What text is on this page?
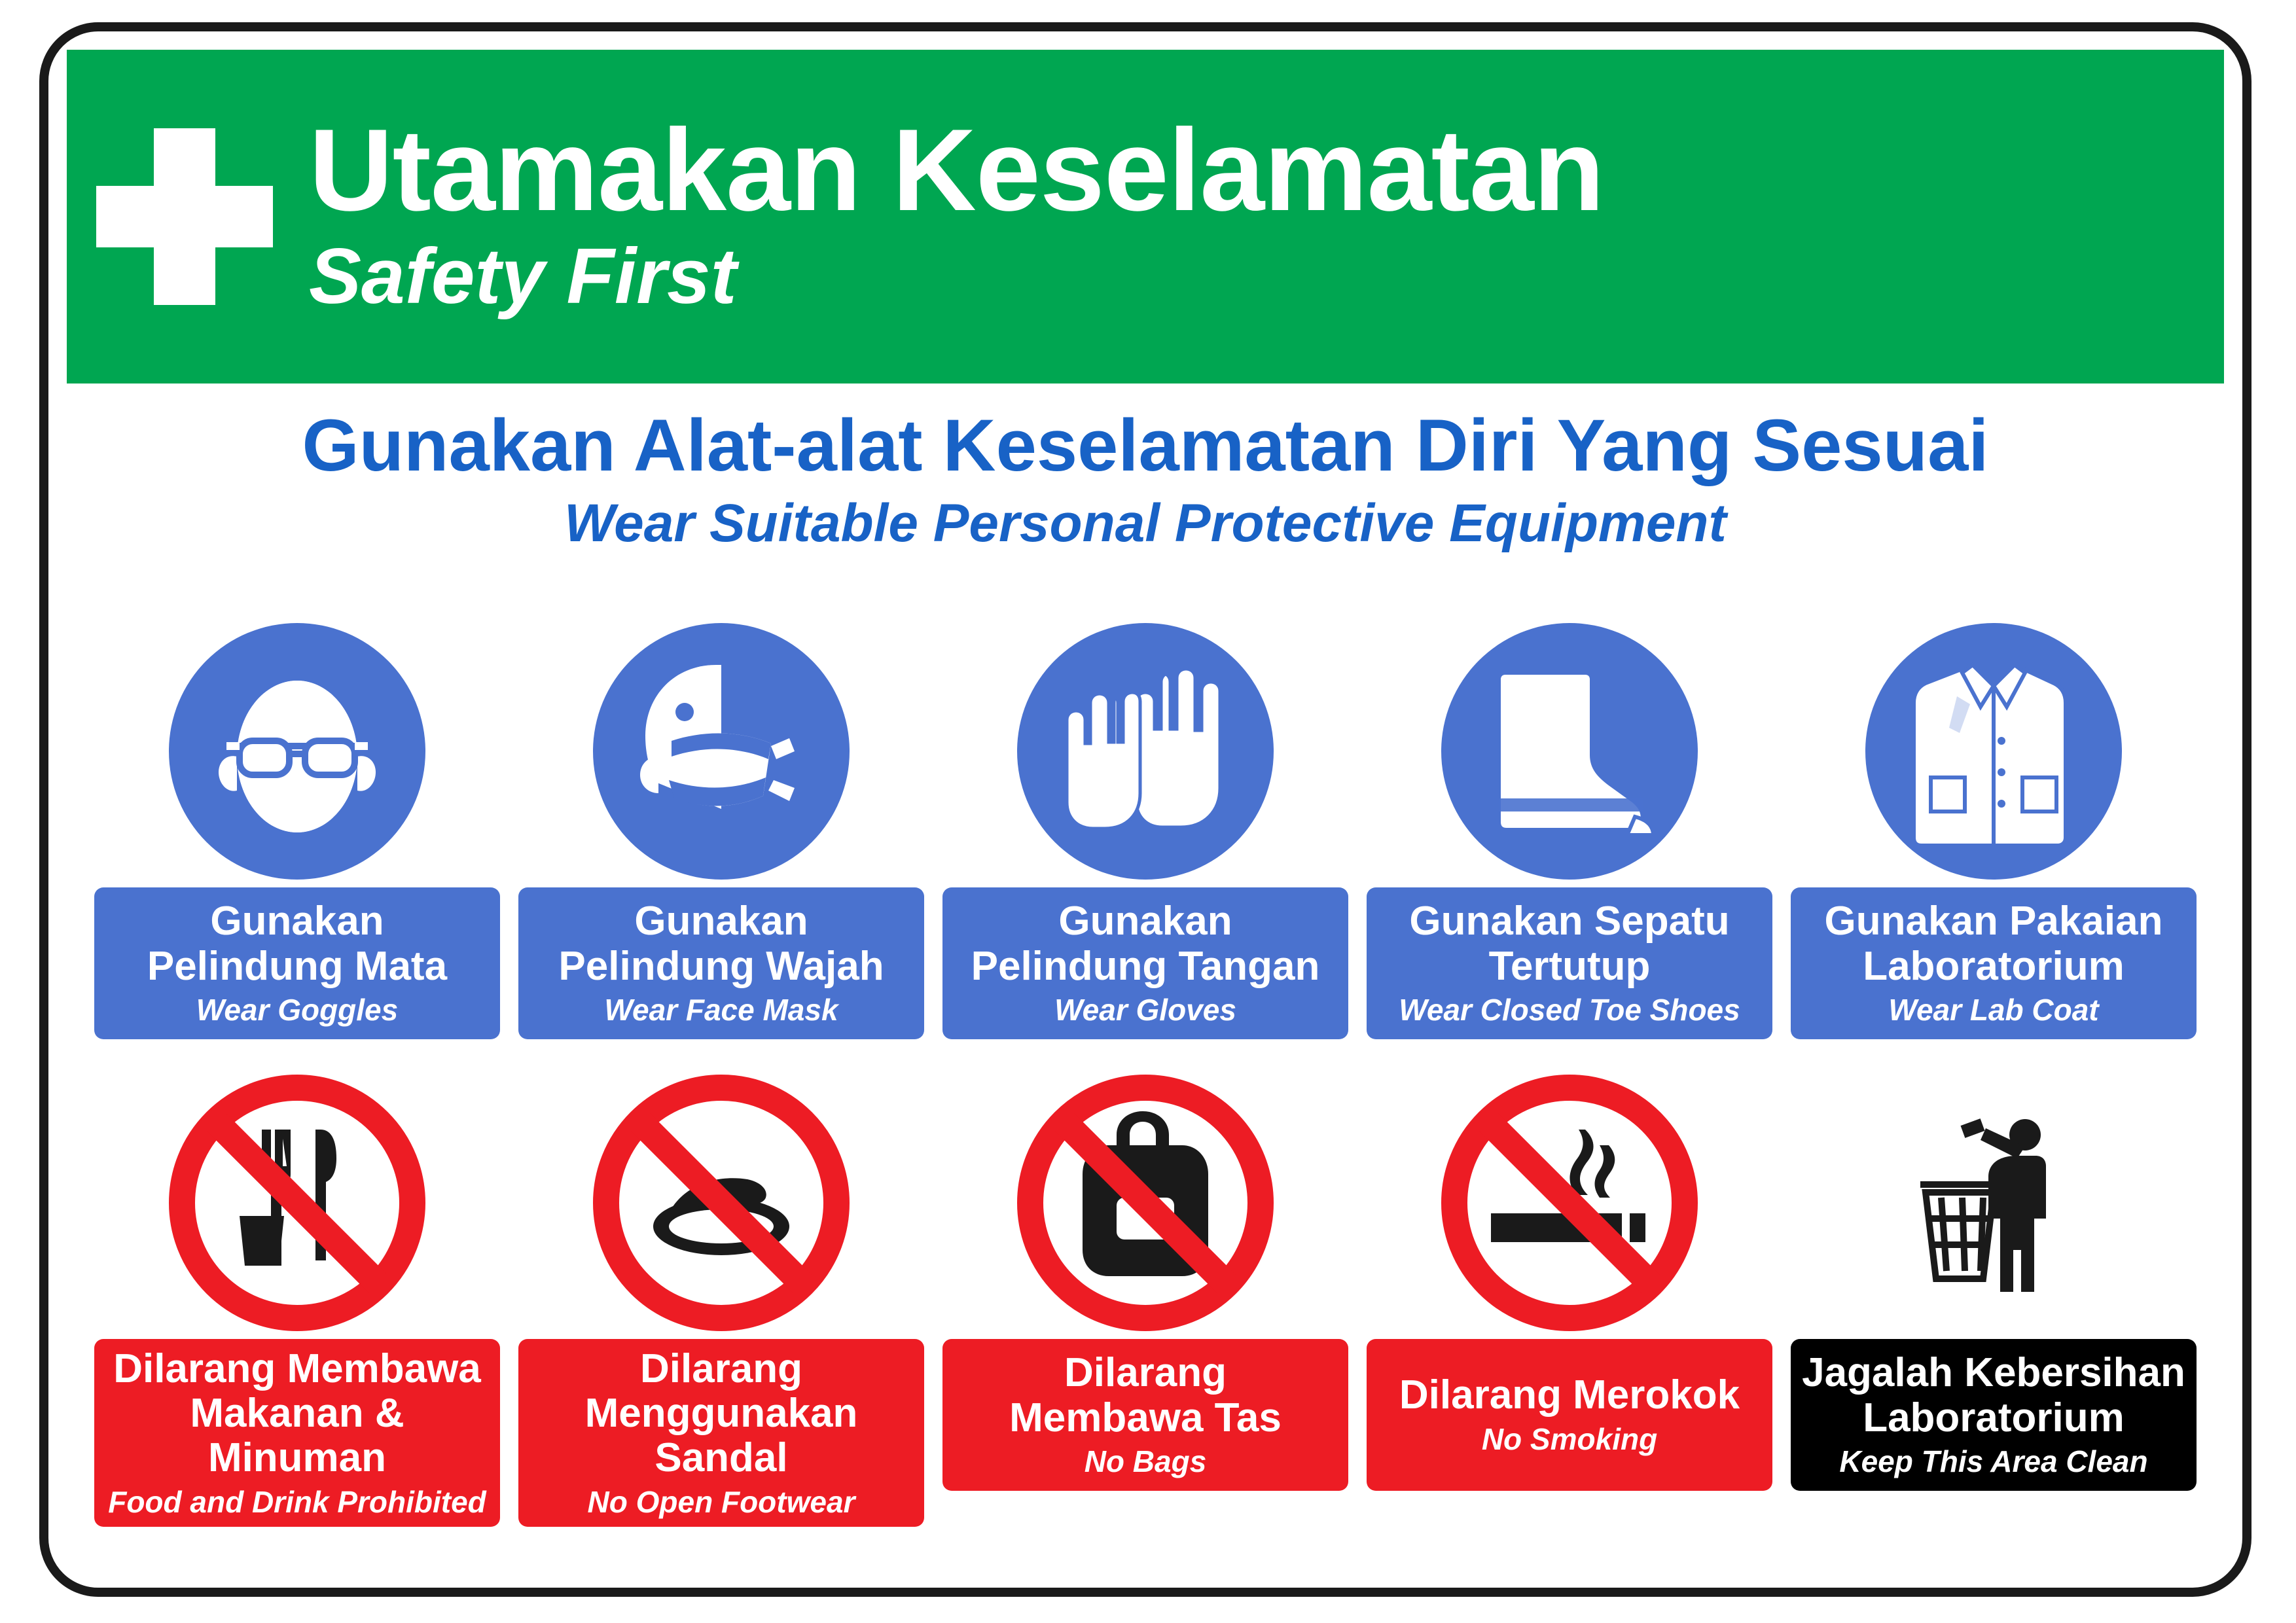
Utamakan Keselamatan
Safety First
Gunakan Alat-alat Keselamatan Diri Yang Sesuai
Wear Suitable Personal Protective Equipment
Gunakan
Pelindung Mata
Wear Goggles
Gunakan
Pelindung Wajah
Wear Face Mask
Gunakan
Pelindung Tangan
Wear Gloves
Gunakan Sepatu
Tertutup
Wear Closed Toe Shoes
Gunakan Pakaian
Laboratorium
Wear Lab Coat
Dilarang Membawa
Makanan & Minuman
Food and Drink Prohibited
Dilarang
Menggunakan Sandal
No Open Footwear
Dilarang
Membawa Tas
No Bags
Dilarang Merokok
No Smoking
Jagalah Kebersihan
Laboratorium
Keep This Area Clean
